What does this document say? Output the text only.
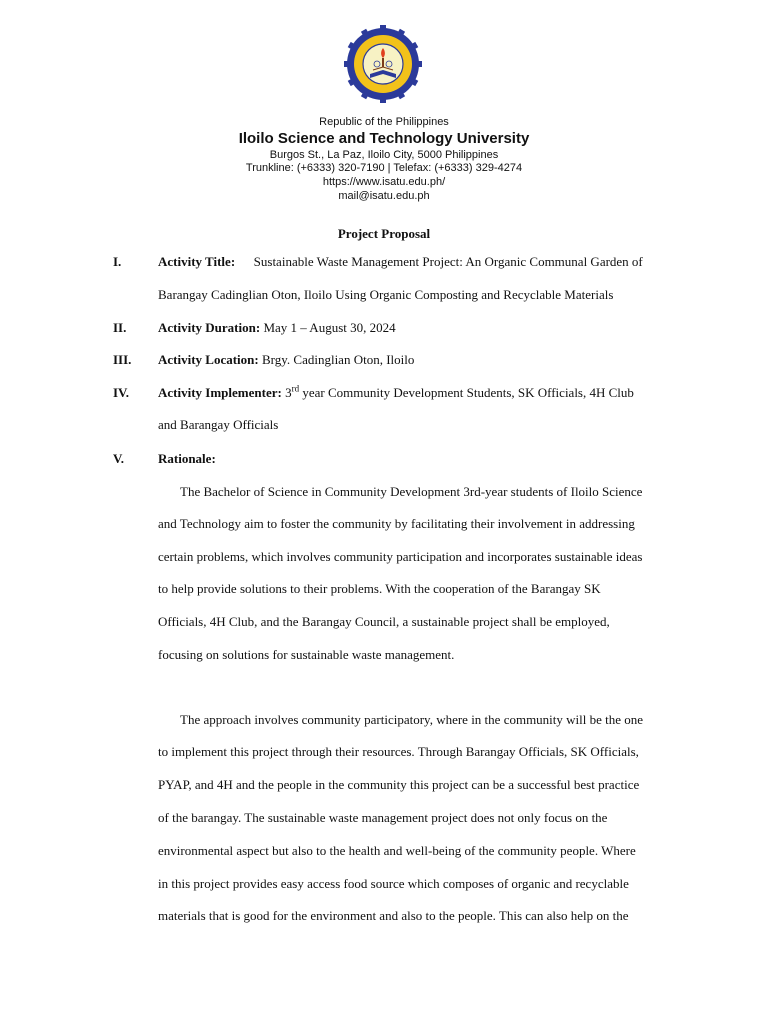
Republic of the Philippines
Iloilo Science and Technology University
Burgos St., La Paz, Iloilo City, 5000 Philippines
Trunkline: (+6333) 320-7190 | Telefax: (+6333) 329-4274
https://www.isatu.edu.ph/
mail@isatu.edu.ph
Project Proposal
I.	Activity Title: Sustainable Waste Management Project: An Organic Communal Garden of
Barangay Cadinglian Oton, Iloilo Using Organic Composting and Recyclable Materials
II. Activity Duration: May 1 – August 30, 2024
III. Activity Location: Brgy. Cadinglian Oton, Iloilo
IV. Activity Implementer: 3rd year Community Development Students, SK Officials, 4H Club
and Barangay Officials
V.	Rationale:
The Bachelor of Science in Community Development 3rd-year students of Iloilo Science
and Technology aim to foster the community by facilitating their involvement in addressing
certain problems, which involves community participation and incorporates sustainable ideas
to help provide solutions to their problems. With the cooperation of the Barangay SK
Officials, 4H Club, and the Barangay Council, a sustainable project shall be employed,
focusing on solutions for sustainable waste management.
The approach involves community participatory, where in the community will be the one
to implement this project through their resources. Through Barangay Officials, SK Officials,
PYAP, and 4H and the people in the community this project can be a successful best practice
of the barangay. The sustainable waste management project does not only focus on the
environmental aspect but also to the health and well-being of the community people. Where
in this project provides easy access food source which composes of organic and recyclable
materials that is good for the environment and also to the people. This can also help on the
